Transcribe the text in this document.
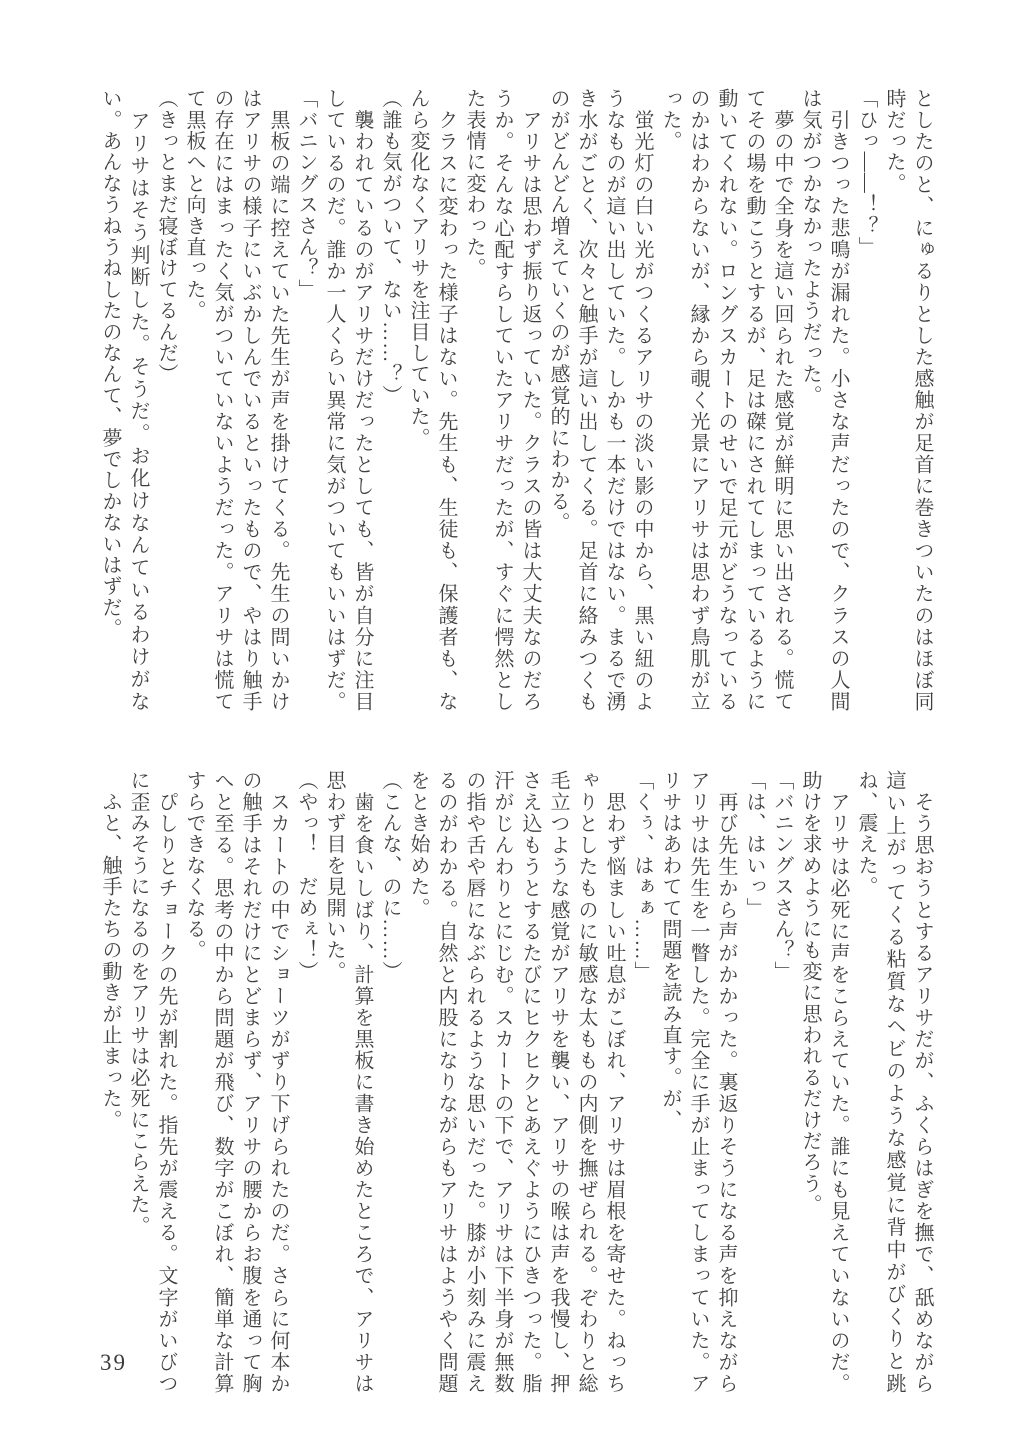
としたのと、にゅるりとした感触が足首に巻きついたのはほぼ同
時だった。
「ひっ――！？」
　引きつった悲鳴が漏れた。小さな声だったので、クラスの人間
は気がつかなかったようだった。
　夢の中で全身を這い回られた感覚が鮮明に思い出される。慌て
てその場を動こうとするが、足は磔にされてしまっているように
動いてくれない。ロングスカートのせいで足元がどうなっている
のかはわからないが、縁から覗く光景にアリサは思わず鳥肌が立
った。
　蛍光灯の白い光がつくるアリサの淡い影の中から、黒い紐のよ
うなものが這い出していた。しかも一本だけではない。まるで湧
き水がごとく、次々と触手が這い出してくる。足首に絡みつくも
のがどんどん増えていくのが感覚的にわかる。
　アリサは思わず振り返っていた。クラスの皆は大丈夫なのだろ
うか。そんな心配すらしていたアリサだったが、すぐに愕然とし
た表情に変わった。
　クラスに変わった様子はない。先生も、生徒も、保護者も、な
んら変化なくアリサを注目していた。
（誰も気がついて、ない……？）
　襲われているのがアリサだけだったとしても、皆が自分に注目
しているのだ。誰か一人くらい異常に気がついてもいいはずだ。
「バニングスさん？」
　黒板の端に控えていた先生が声を掛けてくる。先生の問いかけ
はアリサの様子にいぶかしんでいるといったもので、やはり触手
の存在にはまったく気がついていないようだった。アリサは慌て
て黒板へと向き直った。
（きっとまだ寝ぼけてるんだ）
　アリサはそう判断した。そうだ。お化けなんているわけがな
い。あんなうねうねしたのなんて、夢でしかないはずだ。
　そう思おうとするアリサだが、ふくらはぎを撫で、舐めながら
這い上がってくる粘質なヘビのような感覚に背中がびくりと跳
ね、震えた。
　アリサは必死に声をこらえていた。誰にも見えていないのだ。
助けを求めようにも変に思われるだけだろう。
「バニングスさん？」
「は、はいっ」
　再び先生から声がかかった。裏返りそうになる声を抑えながら
アリサは先生を一瞥した。完全に手が止まってしまっていた。ア
リサはあわてて問題を読み直す。が、
「くぅ、はぁぁ……」
　思わず悩ましい吐息がこぼれ、アリサは眉根を寄せた。ねっち
ゃりとしたものに敏感な太ももの内側を撫ぜられる。ぞわりと総
毛立つような感覚がアリサを襲い、アリサの喉は声を我慢し、押
さえ込もうとするたびにヒクヒクとあえぐようにひきつった。脂
汗がじんわりとにじむ。スカートの下で、アリサは下半身が無数
の指や舌や唇になぶられるような思いだった。膝が小刻みに震え
るのがわかる。自然と内股になりながらもアリサはようやく問題
をとき始めた。
（こんな、のに……）
　歯を食いしばり、計算を黒板に書き始めたところで、アリサは
思わず目を見開いた。
（やっ！　だめぇ！）
　スカートの中でショーツがずり下げられたのだ。さらに何本か
の触手はそれだけにとどまらず、アリサの腰からお腹を通って胸
へと至る。思考の中から問題が飛び、数字がこぼれ、簡単な計算
すらできなくなる。
　ぴしりとチョークの先が割れた。指先が震える。文字がいびつ
に歪みそうになるのをアリサは必死にこらえた。
　ふと、触手たちの動きが止まった。
39
